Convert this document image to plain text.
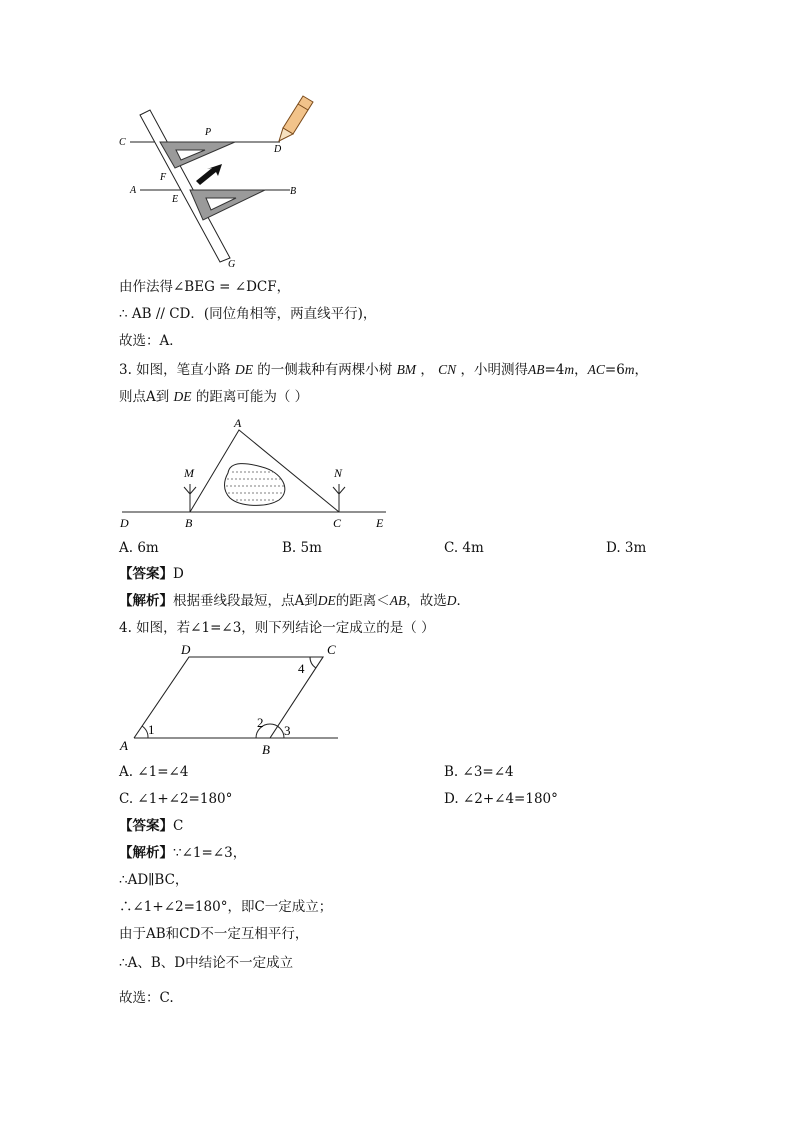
C
P
D
A
F
E
B
G
由作法得∠BEG = ∠DCF，
∴ AB // CD．(同位角相等，两直线平行)，
故选：A．
3. 如图，笔直小路 DE 的一侧栽种有两棵小树 BM ， CN ，小明测得AB=4m，AC=6m，
则点A到 DE 的距离可能为（ ）
A
M	N
D	B	C	E
A. 6m	B. 5m	C. 4m	D. 3m
【答案】D
【解析】根据垂线段最短，点A到DE的距离＜AB，故选D．
4. 如图，若∠1=∠3，则下列结论一定成立的是（ ）
D	C
A	B
1	2
3
4
A. ∠1=∠4	B. ∠3=∠4
C. ∠1+∠2=180°	D. ∠2+∠4=180°
【答案】C
【解析】∵∠1=∠3，
∴AD∥BC，
∴∠1+∠2=180°，即C一定成立；
由于AB和CD不一定互相平行，
∴A、B、D中结论不一定成立
故选：C.
